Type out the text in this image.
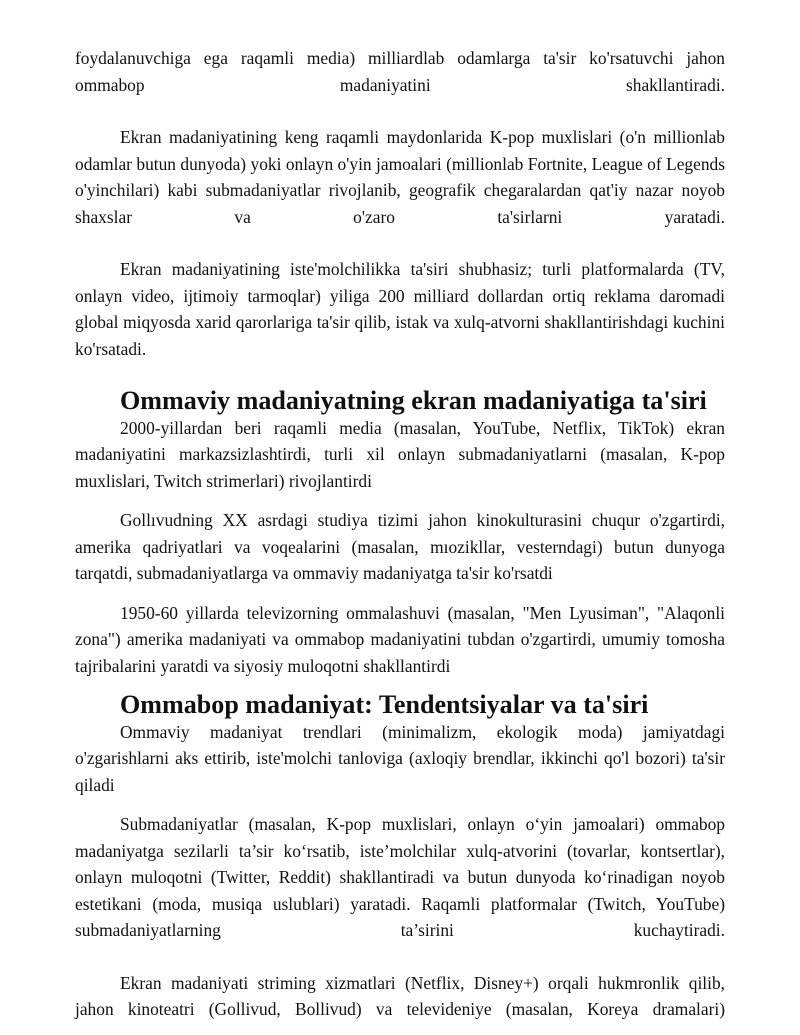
foydalanuvchiga ega raqamli media) milliardlab odamlarga ta'sir ko'rsatuvchi jahon ommabop madaniyatini shakllantiradi.

Ekran madaniyatining keng raqamli maydonlarida K-pop muxlislari (o'n millionlab odamlar butun dunyoda) yoki onlayn o'yin jamoalari (millionlab Fortnite, League of Legends o'yinchilari) kabi submadaniyatlar rivojlanib, geografik chegaralardan qat'iy nazar noyob shaxslar va o'zaro ta'sirlarni yaratadi.

Ekran madaniyatining iste'molchilikka ta'siri shubhasiz; turli platformalarda (TV, onlayn video, ijtimoiy tarmoqlar) yiliga 200 milliard dollardan ortiq reklama daromadi global miqyosda xarid qarorlariga ta'sir qilib, istak va xulq-atvorni shakllantirishdagi kuchini ko'rsatadi.

Ommaviy madaniyatning ekran madaniyatiga ta'siri

2000-yillardan beri raqamli media (masalan, YouTube, Netflix, TikTok) ekran madaniyatini markazsizlashtirdi, turli xil onlayn submadaniyatlarni (masalan, K-pop muxlislari, Twitch strimerlari) rivojlantirdi

Gollıvudning XX asrdagi studiya tizimi jahon kinokulturasini chuqur o'zgartirdi, amerika qadriyatlari va voqealarini (masalan, mıozikllar, vesterndagi) butun dunyoga tarqatdi, submadaniyatlarga va ommaviy madaniyatga ta'sir ko'rsatdi

1950-60 yillarda televizorning ommalashuvi (masalan, "Men Lyusiman", "Alaqonli zona") amerika madaniyati va ommabop madaniyatini tubdan o'zgartirdi, umumiy tomosha tajribalarini yaratdi va siyosiy muloqotni shakllantirdi

Ommabop madaniyat: Tendentsiyalar va ta'siri

Ommaviy madaniyat trendlari (minimalizm, ekologik moda) jamiyatdagi o'zgarishlarni aks ettirib, iste'molchi tanloviga (axloqiy brendlar, ikkinchi qo'l bozori) ta'sir qiladi

Submadaniyatlar (masalan, K-pop muxlislari, onlayn o‘yin jamoalari) ommabop madaniyatga sezilarli ta’sir ko‘rsatib, iste’molchilar xulq-atvorini (tovarlar, kontsertlar), onlayn muloqotni (Twitter, Reddit) shakllantiradi va butun dunyoda ko‘rinadigan noyob estetikani (moda, musiqa uslublari) yaratadi. Raqamli platformalar (Twitch, YouTube) submadaniyatlarning ta’sirini kuchaytiradi.

Ekran madaniyati striming xizmatlari (Netflix, Disney+) orqali hukmronlik qilib, jahon kinoteatri (Gollivud, Bollivud) va televideniye (masalan, Koreya dramalari)
